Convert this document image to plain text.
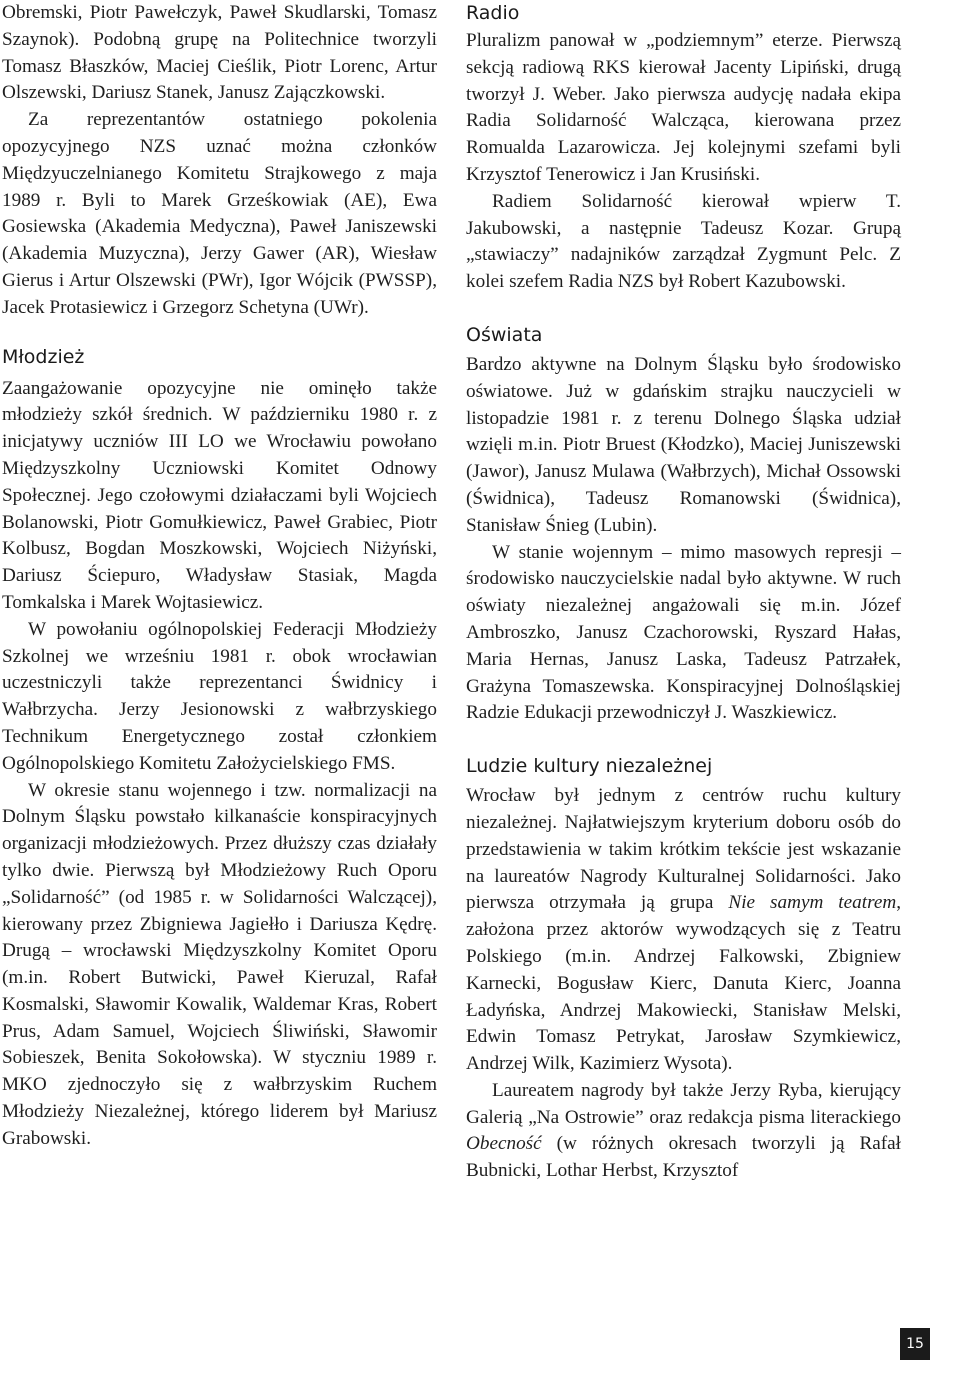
Obremski, Piotr Pawełczyk, Paweł Skudlarski, Tomasz Szaynok). Podobną grupę na Politechnice tworzyli Tomasz Błaszków, Maciej Cieślik, Piotr Lorenc, Artur Olszewski, Dariusz Stanek, Janusz Zajączkowski.

Za reprezentantów ostatniego pokolenia opozycyjnego NZS uznać można członków Międzyuczelnianego Komitetu Strajkowego z maja 1989 r. Byli to Marek Grześkowiak (AE), Ewa Gosiewska (Akademia Medyczna), Paweł Janiszewski (Akademia Muzyczna), Jerzy Gawer (AR), Wiesław Gierus i Artur Olszewski (PWr), Igor Wójcik (PWSSP), Jacek Protasiewicz i Grzegorz Schetyna (UWr).

Młodzież

Zaangażowanie opozycyjne nie ominęło także młodzieży szkół średnich. W październiku 1980 r. z inicjatywy uczniów III LO we Wrocławiu powołano Międzyszkolny Uczniowski Komitet Odnowy Społecznej. Jego czołowymi działaczami byli Wojciech Bolanowski, Piotr Gomułkiewicz, Paweł Grabiec, Piotr Kolbusz, Bogdan Moszkowski, Wojciech Niżyński, Dariusz Ściepuro, Władysław Stasiak, Magda Tomkalska i Marek Wojtasiewicz.

W powołaniu ogólnopolskiej Federacji Młodzieży Szkolnej we wrześniu 1981 r. obok wrocławian uczestniczyli także reprezentanci Świdnicy i Wałbrzycha. Jerzy Jesionowski z wałbrzyskiego Technikum Energetycznego został członkiem Ogólnopolskiego Komitetu Założycielskiego FMS.

W okresie stanu wojennego i tzw. normalizacji na Dolnym Śląsku powstało kilkanaście konspiracyjnych organizacji młodzieżowych. Przez dłuższy czas działały tylko dwie. Pierwszą był Młodzieżowy Ruch Oporu „Solidarność” (od 1985 r. w Solidarności Walczącej), kierowany przez Zbigniewa Jagiełło i Dariusza Kędrę. Drugą – wrocławski Międzyszkolny Komitet Oporu (m.in. Robert Butwicki, Paweł Kieruzal, Rafał Kosmalski, Sławomir Kowalik, Waldemar Kras, Robert Prus, Adam Samuel, Wojciech Śliwiński, Sławomir Sobieszek, Benita Sokołowska). W styczniu 1989 r. MKO zjednoczyło się z wałbrzyskim Ruchem Młodzieży Niezależnej, którego liderem był Mariusz Grabowski.

Radio

Pluralizm panował w „podziemnym” eterze. Pierwszą sekcją radiową RKS kierował Jacenty Lipiński, drugą tworzył J. Weber. Jako pierwsza audycję nadała ekipa Radia Solidarność Walcząca, kierowana przez Romualda Lazarowicza. Jej kolejnymi szefami byli Krzysztof Tenerowicz i Jan Krusiński.

Radiem Solidarność kierował wpierw T. Jakubowski, a następnie Tadeusz Kozar. Grupą „stawiaczy” nadajników zarządzał Zygmunt Pelc. Z kolei szefem Radia NZS był Robert Kazubowski.

Oświata

Bardzo aktywne na Dolnym Śląsku było środowisko oświatowe. Już w gdańskim strajku nauczycieli w listopadzie 1981 r. z terenu Dolnego Śląska udział wzięli m.in. Piotr Bruest (Kłodzko), Maciej Juniszewski (Jawor), Janusz Mulawa (Wałbrzych), Michał Ossowski (Świdnica), Tadeusz Romanowski (Świdnica), Stanisław Śnieg (Lubin).

W stanie wojennym – mimo masowych represji – środowisko nauczycielskie nadal było aktywne. W ruch oświaty niezależnej angażowali się m.in. Józef Ambroszko, Janusz Czachorowski, Ryszard Hałas, Maria Hernas, Janusz Laska, Tadeusz Patrzałek, Grażyna Tomaszewska. Konspiracyjnej Dolnośląskiej Radzie Edukacji przewodniczył J. Waszkiewicz.

Ludzie kultury niezależnej

Wrocław był jednym z centrów ruchu kultury niezależnej. Najłatwiejszym kryterium doboru osób do przedstawienia w takim krótkim tekście jest wskazanie na laureatów Nagrody Kulturalnej Solidarności. Jako pierwsza otrzymała ją grupa Nie samym teatrem, założona przez aktorów wywodzących się z Teatru Polskiego (m.in. Andrzej Falkowski, Zbigniew Karnecki, Bogusław Kierc, Danuta Kierc, Joanna Ładyńska, Andrzej Makowiecki, Stanisław Melski, Edwin Tomasz Petrykat, Jarosław Szymkiewicz, Andrzej Wilk, Kazimierz Wysota).

Laureatem nagrody był także Jerzy Ryba, kierujący Galerią „Na Ostrowie” oraz redakcja pisma literackiego Obecność (w różnych okresach tworzyli ją Rafał Bubnicki, Lothar Herbst, Krzysztof

15
